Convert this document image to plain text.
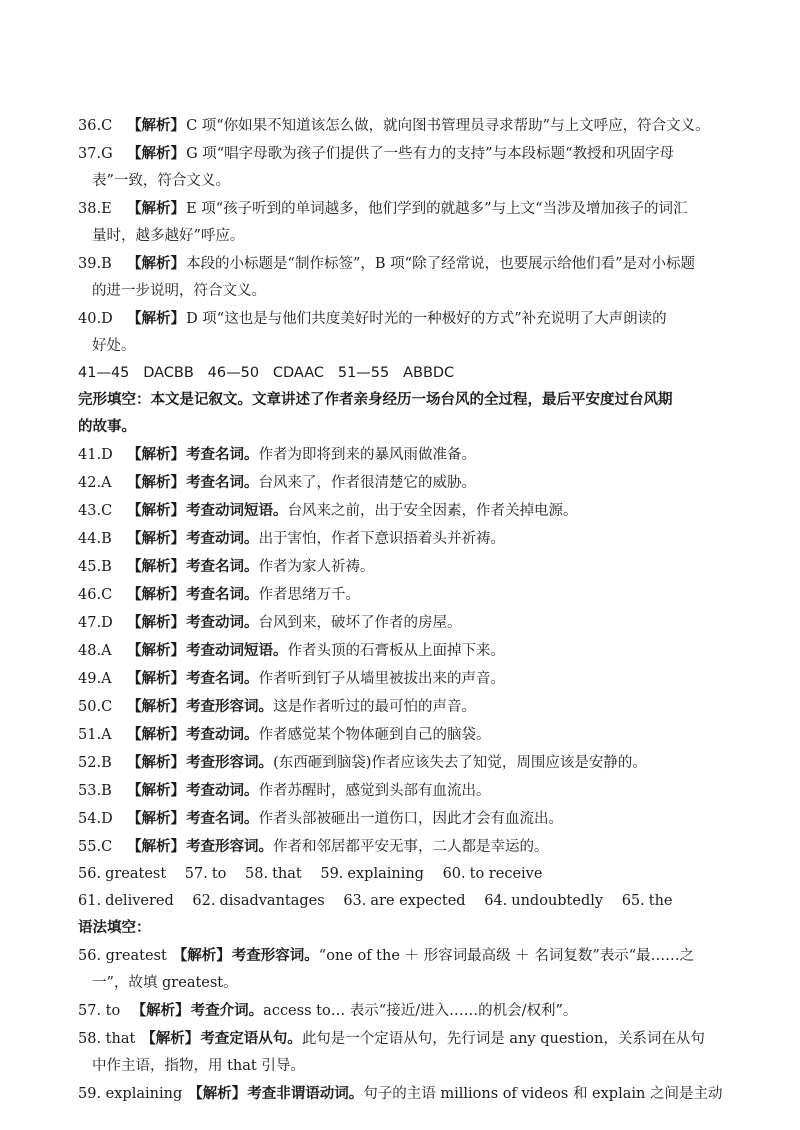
36.C 【解析】C 项“你如果不知道该怎么做，就向图书管理员寻求帮助”与上文呼应，符合文义。
37.G 【解析】G 项“唱字母歌为孩子们提供了一些有力的支持”与本段标题“教授和巩固字母
表”一致，符合文义。
38.E 【解析】E 项“孩子听到的单词越多，他们学到的就越多”与上文“当涉及增加孩子的词汇
量时，越多越好”呼应。
39.B 【解析】本段的小标题是“制作标签”，B 项“除了经常说，也要展示给他们看”是对小标题
的进一步说明，符合文义。
40.D 【解析】D 项“这也是与他们共度美好时光的一种极好的方式”补充说明了大声朗读的
好处。
41—45   DACBB   46—50   CDAAC   51—55   ABBDC
完形填空：本文是记叙文。文章讲述了作者亲身经历一场台风的全过程，最后平安度过台风期
的故事。
41.D 【解析】考查名词。作者为即将到来的暴风雨做准备。
42.A 【解析】考查名词。台风来了，作者很清楚它的威胁。
43.C 【解析】考查动词短语。台风来之前，出于安全因素，作者关掉电源。
44.B 【解析】考查动词。出于害怕，作者下意识捂着头并祈祷。
45.B 【解析】考查名词。作者为家人祈祷。
46.C 【解析】考查名词。作者思绪万千。
47.D 【解析】考查动词。台风到来，破坏了作者的房屋。
48.A 【解析】考查动词短语。作者头顶的石膏板从上面掉下来。
49.A 【解析】考查名词。作者听到钉子从墙里被拔出来的声音。
50.C 【解析】考查形容词。这是作者听过的最可怕的声音。
51.A 【解析】考查动词。作者感觉某个物体砸到自己的脑袋。
52.B 【解析】考查形容词。(东西砸到脑袋)作者应该失去了知觉，周围应该是安静的。
53.B 【解析】考查动词。作者苏醒时，感觉到头部有血流出。
54.D 【解析】考查名词。作者头部被砸出一道伤口，因此才会有血流出。
55.C 【解析】考查形容词。作者和邻居都平安无事，二人都是幸运的。
56. greatest 57. to 58. that 59. explaining 60. to receive
61. delivered 62. disadvantages 63. are expected 64. undoubtedly 65. the
语法填空：
56. greatest 【解析】考查形容词。“one of the ＋ 形容词最高级 ＋ 名词复数”表示“最……之
一”，故填 greatest。
57. to 【解析】考查介词。access to… 表示“接近/进入……的机会/权利”。
58. that 【解析】考查定语从句。此句是一个定语从句，先行词是 any question，关系词在从句
中作主语，指物，用 that 引导。
59. explaining 【解析】考查非谓语动词。句子的主语 millions of videos 和 explain 之间是主动
